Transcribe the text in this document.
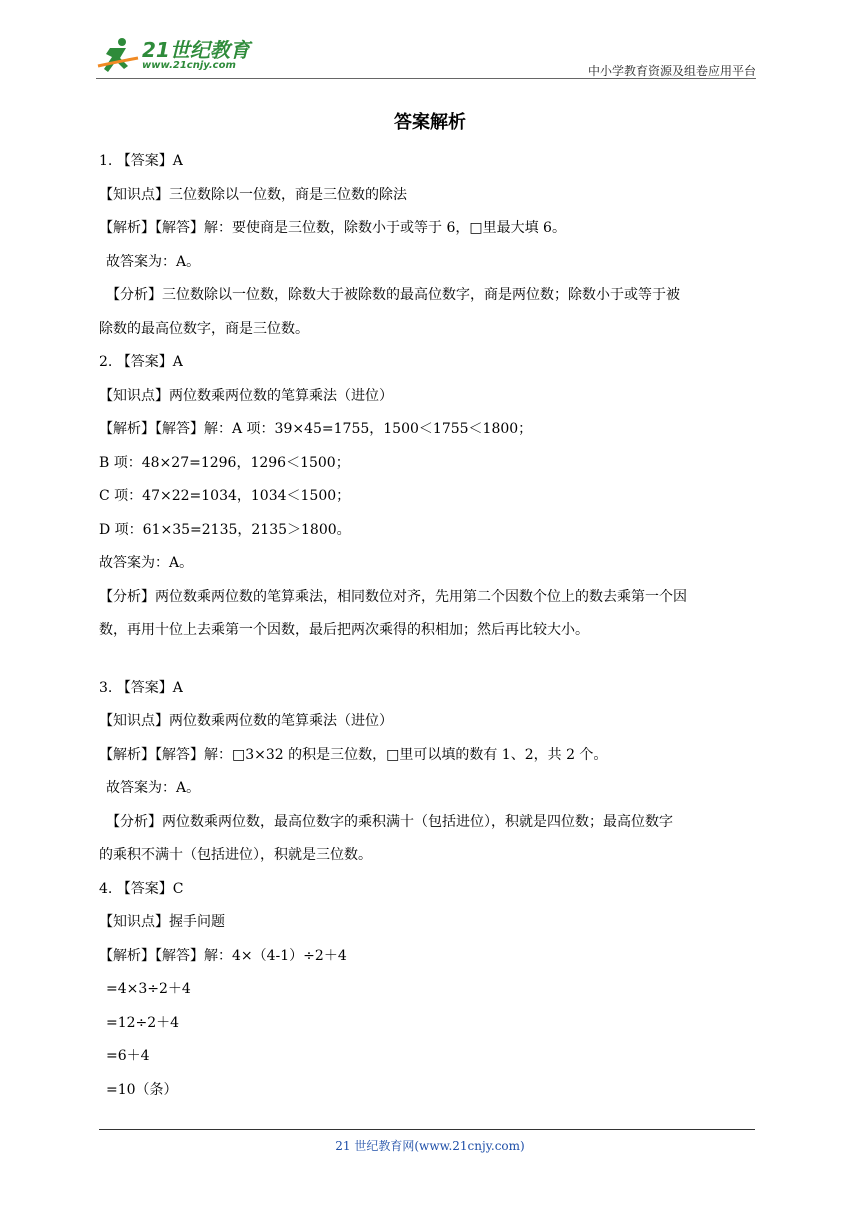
21世纪教育
www.21cnjy.com	中小学教育资源及组卷应用平台
答案解析
1. 【答案】A
【知识点】三位数除以一位数，商是三位数的除法
【解析】【解答】解：要使商是三位数，除数小于或等于 6，□里最大填 6。
故答案为：A。
【分析】三位数除以一位数，除数大于被除数的最高位数字，商是两位数；除数小于或等于被
除数的最高位数字，商是三位数。
2. 【答案】A
【知识点】两位数乘两位数的笔算乘法（进位）
【解析】【解答】解：A 项：39×45=1755，1500＜1755＜1800；
B 项：48×27=1296，1296＜1500；
C 项：47×22=1034，1034＜1500；
D 项：61×35=2135，2135＞1800。
故答案为：A。
【分析】两位数乘两位数的笔算乘法，相同数位对齐，先用第二个因数个位上的数去乘第一个因
数，再用十位上去乘第一个因数，最后把两次乘得的积相加；然后再比较大小。
3. 【答案】A
【知识点】两位数乘两位数的笔算乘法（进位）
【解析】【解答】解：□3×32 的积是三位数，□里可以填的数有 1、2，共 2 个。
故答案为：A。
【分析】两位数乘两位数，最高位数字的乘积满十（包括进位），积就是四位数；最高位数字
的乘积不满十（包括进位），积就是三位数。
4. 【答案】C
【知识点】握手问题
【解析】【解答】解：4×（4-1）÷2＋4
=4×3÷2＋4
=12÷2＋4
=6＋4
=10（条）
21 世纪教育网(www.21cnjy.com)
